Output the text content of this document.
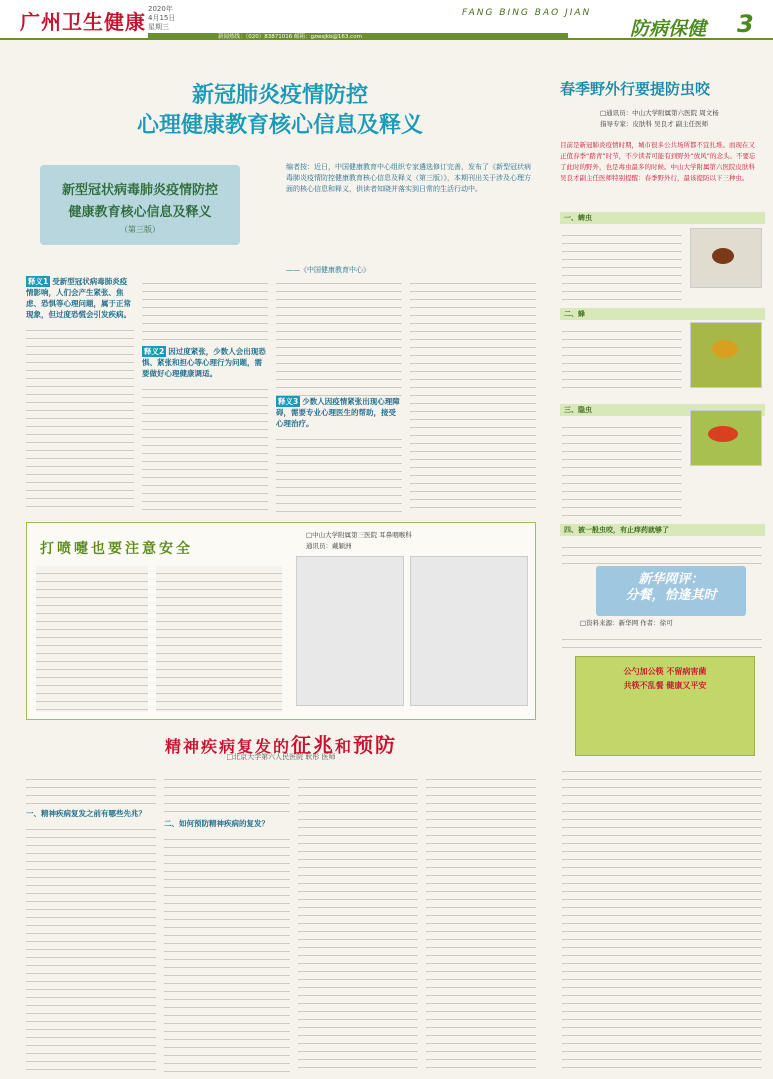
广州卫生健康
2020年
4月15日
星期三
新闻热线：（020）83871016 邮箱：gzwsjkb@163.com
FANG BING BAO JIAN
防病保健 3
新冠肺炎疫情防控
心理健康教育核心信息及释义
新型冠状病毒肺炎疫情防控
健康教育核心信息及释义
（第三版）
编者按：近日，中国健康教育中心组织专家遴选修订完善，发布了《新型冠状病毒肺炎疫情防控健康教育核心信息及释义（第三版）》，本期刊出关于涉及心理方面的核心信息和释义，供读者知晓并落实到日常的生活行动中。
——《中国健康教育中心》
释义1 受新型冠状病毒肺炎疫情影响，人们会产生紧张、焦虑、恐惧等心理问题，属于正常现象，但过度恐慌会引发疾病。
释义2 因过度紧张，少数人会出现恐惧、紧张和担心等心理行为问题，需要做好心理健康调适。
释义3 少数人因疫情紧张出现心理障碍，需要专业心理医生的帮助，接受心理治疗。
打喷嚏也要注意安全
□中山大学附属第三医院 耳鼻咽喉科
通讯员：戴颖洲
精神疾病复发的征兆和预防
□北京大学第六人民医院 耿彤 医师
一、精神疾病复发之前有哪些先兆？
二、如何预防精神疾病的复发？
春季野外行要提防虫咬
□通讯员：中山大学附属第六医院 周文杨
指导专家：皮肤科 吴良才 副主任医师
目前是新冠肺炎疫情时期，城市很多公共场所都不宜扎堆。而现在又正值春季“踏青”时节，不少读者可能有到野外“放风”的念头。不要忘了此时的野外，也是毒虫最多的时候。中山大学附属第六医院皮肤科吴良才副主任医师特别提醒：春季野外行，最该提防以下三种虫。
一、蜱虫
二、蜂
三、隐虫
四、被一般虫咬，有止痒药就够了
新华网评：
分餐，恰逢其时
□资料来源：新华网 作者：徐可
公勺加公筷 不留病害菌
共筷不乱餐 健康又平安
